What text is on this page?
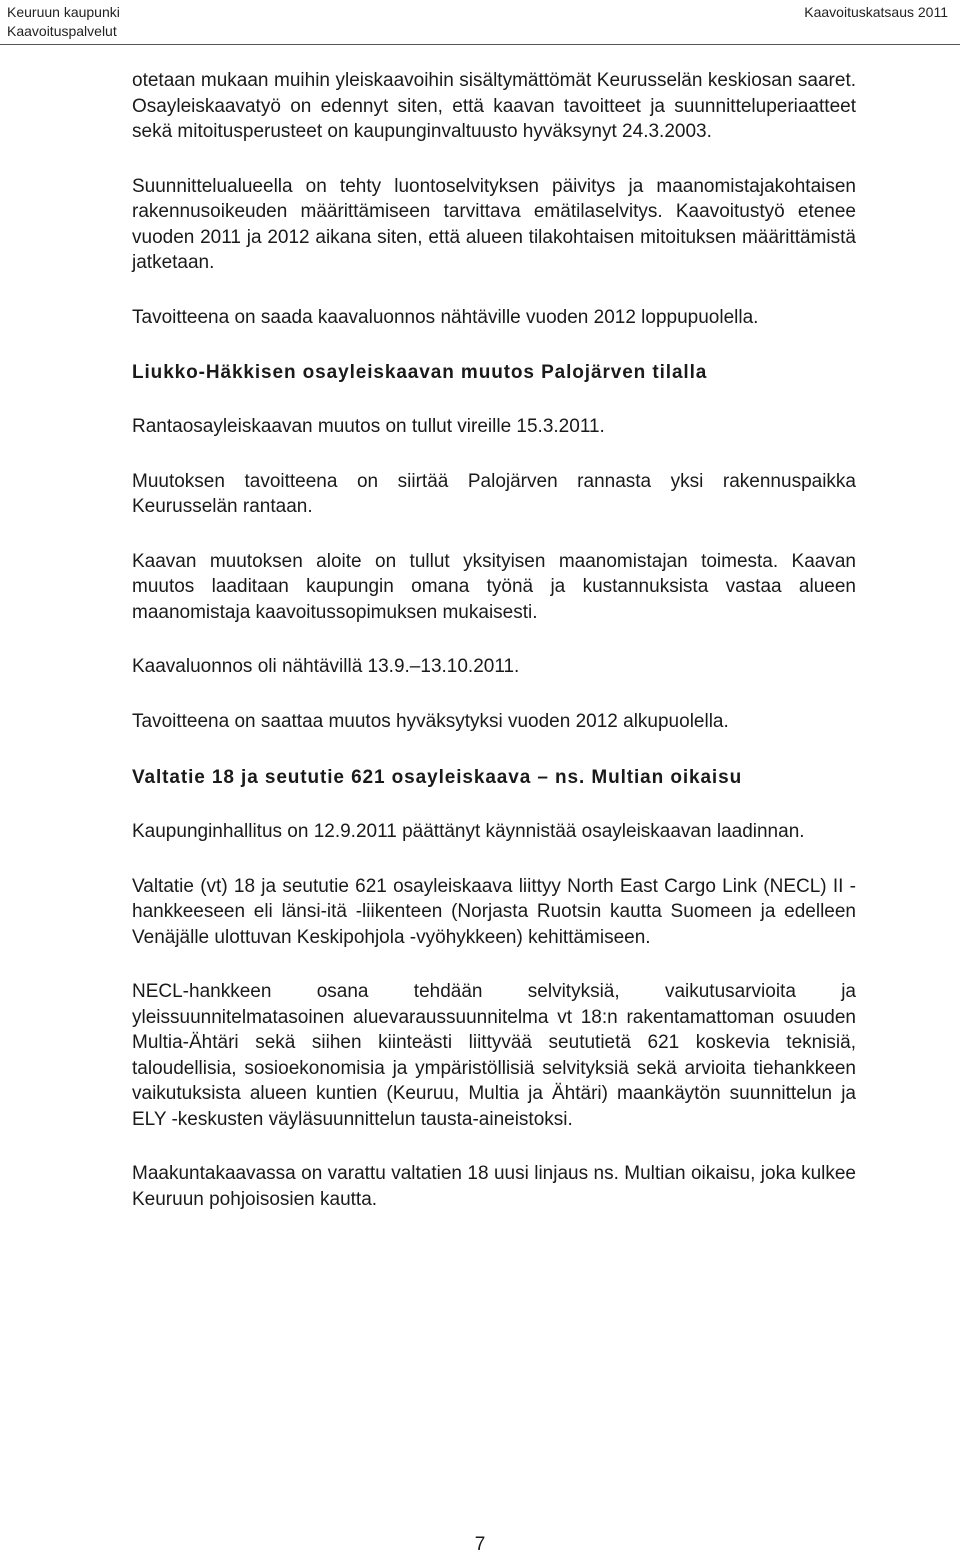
Keuruun kaupunki
Kaavoituspalvelut
Kaavoituskatsaus 2011

otetaan mukaan muihin yleiskaavoihin sisältymättömät Keurusselän keskiosan saaret. Osayleiskaavatyö on edennyt siten, että kaavan tavoitteet ja suunnitteluperiaatteet sekä mitoitusperusteet on kaupunginvaltuusto hyväksynyt 24.3.2003.

Suunnittelualueella on tehty luontoselvityksen päivitys ja maanomistajakohtaisen rakennusoikeuden määrittämiseen tarvittava emätilaselvitys. Kaavoitustyö etenee vuoden 2011 ja 2012 aikana siten, että alueen tilakohtaisen mitoituksen määrittämistä jatketaan.

Tavoitteena on saada kaavaluonnos nähtäville vuoden 2012 loppupuolella.

Liukko-Häkkisen osayleiskaavan muutos Palojärven tilalla

Rantaosayleiskaavan muutos on tullut vireille 15.3.2011.

Muutoksen tavoitteena on siirtää Palojärven rannasta yksi rakennuspaikka Keurusselän rantaan.

Kaavan muutoksen aloite on tullut yksityisen maanomistajan toimesta. Kaavan muutos laaditaan kaupungin omana työnä ja kustannuksista vastaa alueen maanomistaja kaavoitussopimuksen mukaisesti.

Kaavaluonnos oli nähtävillä 13.9.–13.10.2011.

Tavoitteena on saattaa muutos hyväksytyksi vuoden 2012 alkupuolella.

Valtatie 18 ja seututie 621 osayleiskaava – ns. Multian oikaisu

Kaupunginhallitus on 12.9.2011 päättänyt käynnistää osayleiskaavan laadinnan.

Valtatie (vt) 18 ja seututie 621 osayleiskaava liittyy North East Cargo Link (NECL) II -hankkeeseen eli länsi-itä -liikenteen (Norjasta Ruotsin kautta Suomeen ja edelleen Venäjälle ulottuvan Keskipohjola -vyöhykkeen) kehittämiseen.

NECL-hankkeen osana tehdään selvityksiä, vaikutusarvioita ja yleissuunnitelmatasoinen aluevaraussuunnitelma vt 18:n rakentamattoman osuuden Multia-Ähtäri sekä siihen kiinteästi liittyvää seututietä 621 koskevia teknisiä, taloudellisia, sosioekonomisia ja ympäristöllisiä selvityksiä sekä arvioita tiehankkeen vaikutuksista alueen kuntien (Keuruu, Multia ja Ähtäri) maankäytön suunnittelun ja ELY -keskusten väyläsuunnittelun tausta-aineistoksi.

Maakuntakaavassa on varattu valtatien 18 uusi linjaus ns. Multian oikaisu, joka kulkee Keuruun pohjoisosien kautta.

7
